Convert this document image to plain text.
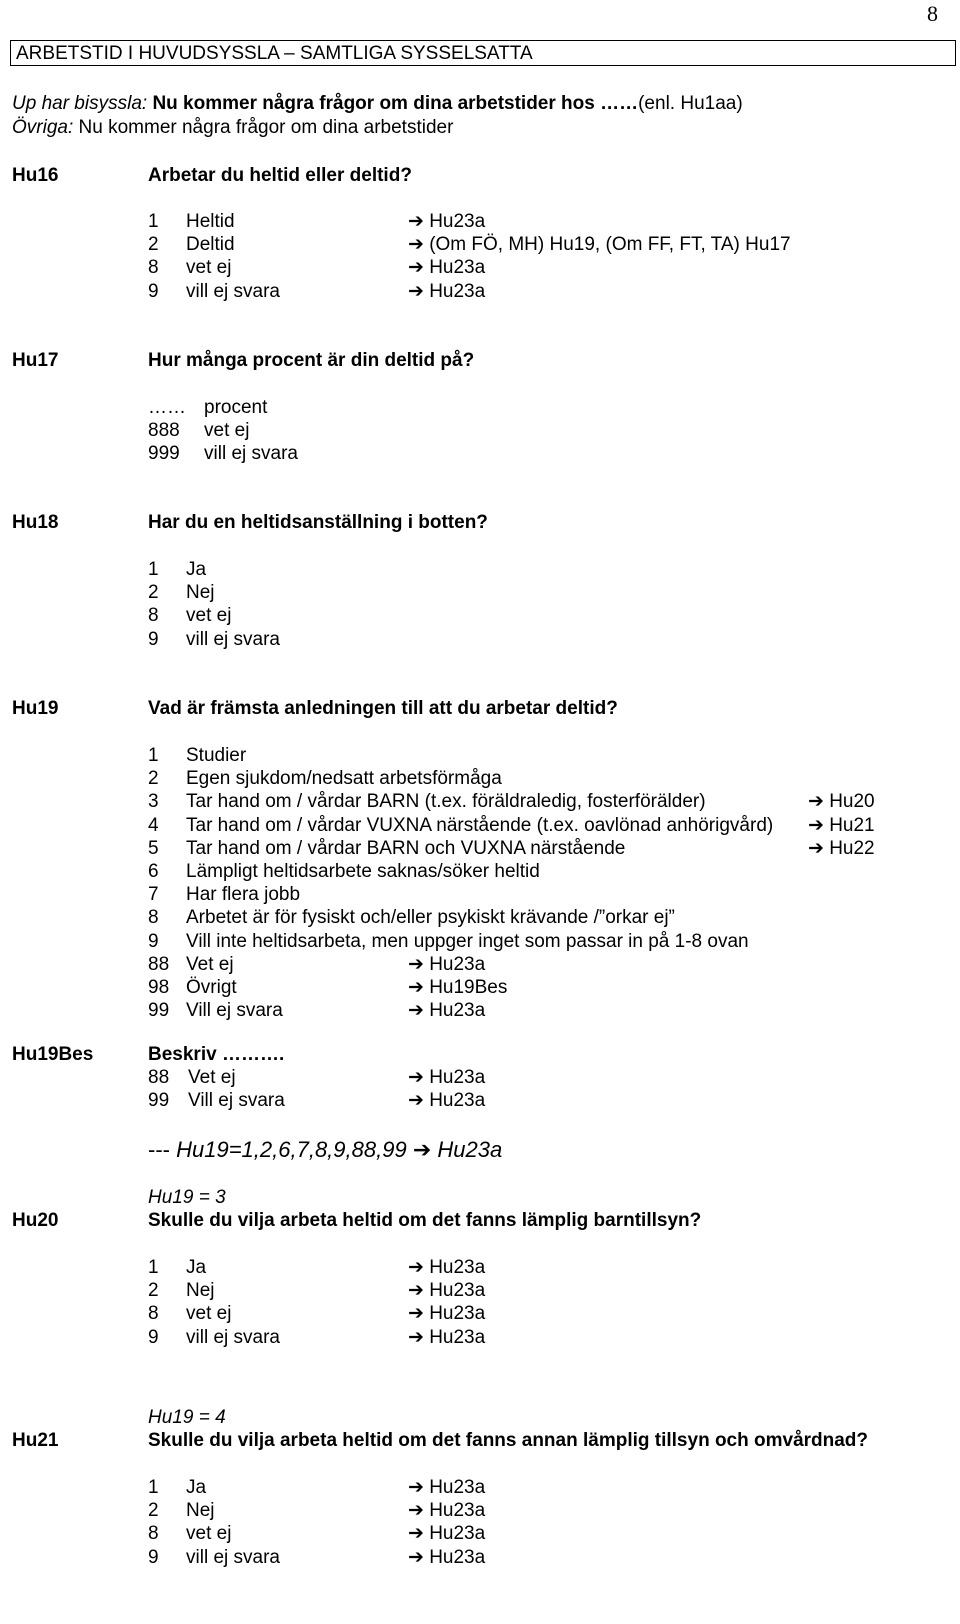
8
ARBETSTID I HUVUDSYSSLA – SAMTLIGA SYSSELSATTA
Up har bisyssla: Nu kommer några frågor om dina arbetstider hos ……(enl. Hu1aa)
Övriga: Nu kommer några frågor om dina arbetstider
Hu16	Arbetar du heltid eller deltid?
1 Heltid	➔ Hu23a
2 Deltid	➔ (Om FÖ, MH) Hu19, (Om FF, FT, TA) Hu17
8 vet ej	➔ Hu23a
9 vill ej svara	➔ Hu23a
Hu17	Hur många procent är din deltid på?
…… procent
888 vet ej
999 vill ej svara
Hu18	Har du en heltidsanställning i botten?
1 Ja
2 Nej
8 vet ej
9 vill ej svara
Hu19	Vad är främsta anledningen till att du arbetar deltid?
1 Studier
2 Egen sjukdom/nedsatt arbetsförmåga
3 Tar hand om / vårdar BARN (t.ex. föräldraledig, fosterförälder)	➔ Hu20
4 Tar hand om / vårdar VUXNA närstående (t.ex. oavlönad anhörigvård) ➔ Hu21
5 Tar hand om / vårdar BARN och VUXNA närstående	➔ Hu22
6 Lämpligt heltidsarbete saknas/söker heltid
7 Har flera jobb
8 Arbetet är för fysiskt och/eller psykiskt krävande /”orkar ej”
9 Vill inte heltidsarbeta, men uppger inget som passar in på 1-8 ovan
88 Vet ej	➔ Hu23a
98 Övrigt	➔ Hu19Bes
99 Vill ej svara	➔ Hu23a
Hu19Bes	Beskriv ……….
88 Vet ej	➔ Hu23a
99 Vill ej svara	➔ Hu23a
--- Hu19=1,2,6,7,8,9,88,99 ➔ Hu23a
Hu19 = 3
Hu20	Skulle du vilja arbeta heltid om det fanns lämplig barntillsyn?
1 Ja	➔ Hu23a
2 Nej	➔ Hu23a
8 vet ej	➔ Hu23a
9 vill ej svara	➔ Hu23a
Hu19 = 4
Hu21	Skulle du vilja arbeta heltid om det fanns annan lämplig tillsyn och omvårdnad?
1 Ja	➔ Hu23a
2 Nej	➔ Hu23a
8 vet ej	➔ Hu23a
9 vill ej svara	➔ Hu23a
